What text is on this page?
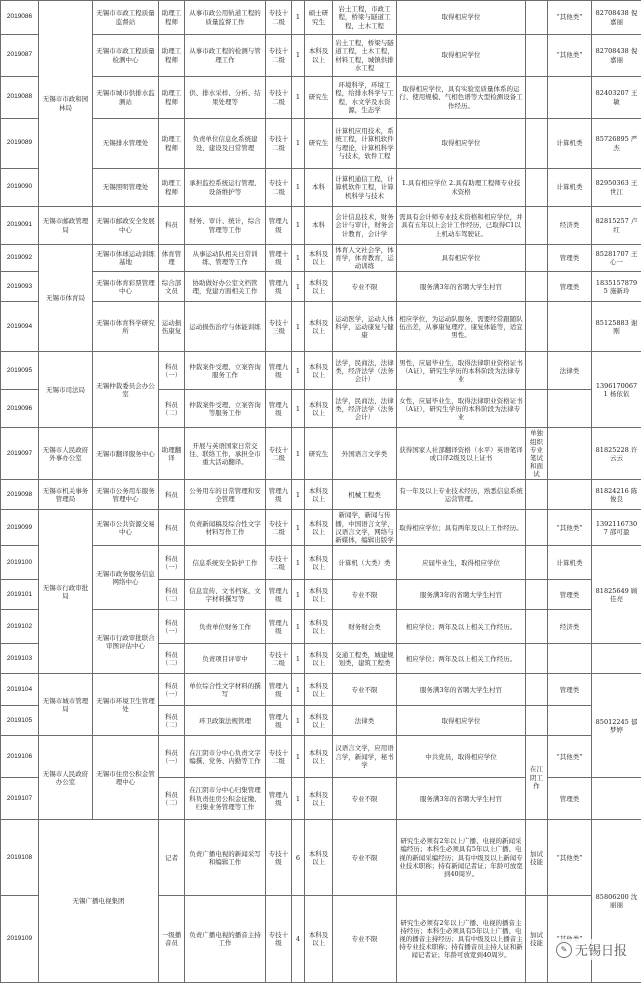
2019086	无锡市市政和园林局	无锡市市政工程质量监督站	助理工程师	从事市政公用轨道工程的质量监督工作	专技十二级	1	硕士研究生	岩土工程，市政工程，桥梁与隧道工程，土木工程	取得相应学位		“其他类”	82708438 倪嘉丽
2019087		无锡市市政工程质量检测中心	助理工程师	从事市政工程的检测与管理工作	专技十二级	1	本科及以上	岩土工程，桥梁与隧道工程，土木工程，材料工程，城镇供排水工程	取得相应学位		“其他类”	82708438 倪嘉丽
2019088		无锡市城市供排水监测站	助理工程师	供、排水采样、分析、结果处理等	专技十二级	1	研究生	环境科学，环境工程，给排水科学与工程，水文学及水资源，生态学	取得相应学位，具有实验室质量体系的运行、使用规模、气相色谱等大型检测设备工作经历。			82403207 王敏
2019089		无锡排水管理处	助理工程师	负责单位信息化系统建设、建设及日常管理	专技十二级	1	研究生	计算机应用技术，系统工程，计算机软件与理论，计算机科学与技术，软件工程	取得相应学位		计算机类	85726895 严杰
2019090		无锡照明管理处	助理工程师	承担监控系统运行管理、设备维护等	专技十二级	1	本科	计算机通信工程，计算机软件工程，计算机科学与技术	1.具有相应学位 2.具有助理工程师专业技术资格		计算机类	82950363 王世江
2019091	无锡市邮政管理局	无锡市邮政安全发展中心	科员	财务、审计、统计，综合管理等工作	管理九级	1	本科	会计信息技术，财务会计与审计，财务会计教育，会计学	需具有会计师专业技术资格和相应学位，并具有五年以上会计工作经历，已取得C1以上机动车驾驶证。		经济类	82815257 卢红
2019092	无锡市体育局	无锡市体球运动训练基地	体育管理	从事运动队相关日常训练、管理等工作	管理十级	1	本科及以上	体育人文社会学，体育学，体育教育，运动训练	具有相应学位		管理类	85281707 王心一
2019093		无锡市体育彩票管理中心	综合部文员	协助做好办公室文档管理，党建方面相关工作	管理九级	1	本科及以上	专业不限	服务满3年的省聘大学生村官		管理类	18351578795 施新玲
2019094		无锡市体育科学研究所	运动损伤康复	运动损伤治疗与体能训练	专技十三级	1	本科及以上	运动医学，运动人体科学，运动康复与健康	相应学位，为运动队服务，需要经常跟随队伍出差，从事康复理疗、康复体能等，适宜男性。			85125883 谢刚
2019095	无锡市司法局	无锡仲裁委员会办公室	科员（一）	仲裁案件受理、立案咨询服务工作	管理九级	1	本科及以上	法学，民商法，法律类，经济法学（法务会计）	男性，应届毕业生，取得法律职业资格证书（A证），研究生学历的本科阶段为法律专业		法律类	13961700671 杨依依
2019096			科员（二）	仲裁案件受理、立案咨询等服务工作	管理九级	1	本科及以上	法学，民商法，法律类，经济法学（法务会计）	女性，应届毕业生，取得法律职业资格证书（A证），研究生学历的本科阶段为法律专业			
2019097	无锡市人民政府外事办公室	无锡市翻译服务中心	助理翻译	开展与英语国家日常交往、联络工作，承担全市重大活动翻译。	专技十二级	1	研究生	外国语言文学类	获得国家人社部翻译资格（水平）英语笔译或口译2级及以上证书	单独组织专业笔试和面试		81825228 许云云
2019098	无锡市机关事务管理局	无锡市公务用车服务管理中心	科员	公务用车的日常管理和安全管理	管理九级	1	本科及以上	机械工程类	有一年及以上专业技术经历，熟悉信息系统运营管理。			81824216 陈俊良
2019099	无锡市行政审批局	无锡市公共资源交易中心	科员	负责新闻稿及综合性文字材料写作工作	专技十二级	1	本科及以上	新闻学，新闻与传播，中国语言文学，汉语言文学，网络与新媒体，编辑出版学	取得相应学位；具有两年及以上工作经历。		“其他类”	13921167307 邵可盈
2019100		无锡市政务服务信息网络中心	科员（一）	信息系统安全防护工作	专技十二级	1	本科及以上	计算机（大类）类	应届毕业生，取得相应学位		计算机类	81825649 顾佳亮
2019101			科员（二）	信息宣传、文书档案、文字材料撰写等	管理九级	1	本科及以上	专业不限	服务满3年的省聘大学生村官		管理类	
2019102		无锡市行政审批联合审图评估中心	科员（一）	负责单位财务工作	管理九级	1	本科及以上	财务财会类	相应学位；两年及以上相关工作经历。		经济类	
2019103			科员（二）	负责项目评审中	专技十二级	1	本科及以上	交通工程类，城建规划类，建筑工程类	相应学位；两年及以上相关工作经历。			
2019104	无锡市城市管理局	无锡市环境卫生管理处	科员（一）	单位综合性文字材料的撰写	管理九级	1	本科及以上	专业不限	服务满3年的省聘大学生村官		管理类	85012245 郁梦婷
2019105			科员（二）	环卫政策法规管理	管理九级	1	本科及以上	法律类	取得相应学位			
2019106	无锡市人民政府办公室	无锡市住房公积金管理中心	科员（一）	在江阴市分中心负责文字编撰、党务、内勤等工作	专技十二级	1	本科及以上	汉语言文学，应用语言学，新闻学，秘书学	中共党员，取得相应学位	在江阴工作	“其他类”	
2019107			科员（二）	在江阴市分中心归集管理科负责住房公积金征缴、归集业务管理等工作	管理九级	1	本科及以上	专业不限	服务满3年的省聘大学生村官		管理类	
2019108	无锡广播电视集团		记者	负责广播电视的新闻采写和编辑工作	专技十级	6	本科及以上	专业不限	研究生必须有2年以上广播、电视的新闻采编经历；本科生必须具有5年以上广播、电视的新闻采编经历；具有中级及以上新闻专业技术职称；持有新闻记者证；年龄可放宽到40周岁。	加试技能	“其他类”	85806200 沈丽丽
2019109			一级播音员	负责广播电视的播音主持工作	专技十级	4	本科及以上	专业不限	研究生必须有2年以上广播、电视的播音主持经历；本科生必须具有5年以上广播、电视的播音主持经历；具有中级及以上播音主持专业技术职称；持有播音员主持人证和新闻记者证；年龄可放宽到40周岁。	加试技能	
✎ 无锡日报
